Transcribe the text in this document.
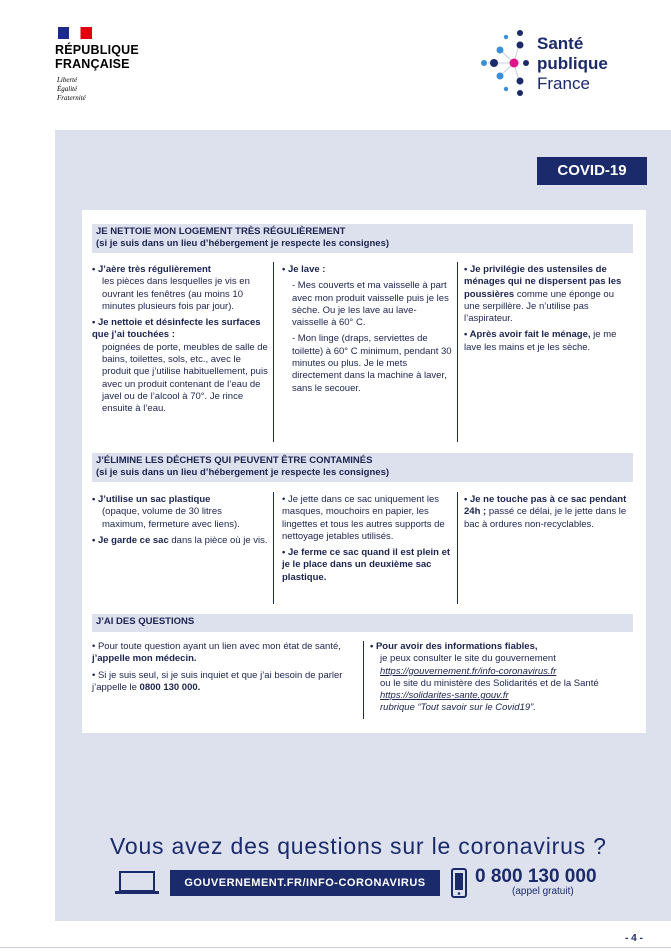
RÉPUBLIQUE
FRANÇAISE
Liberté
Égalité
Fraternité
Santé
publique
France
COVID-19
JE NETTOIE MON LOGEMENT TRÈS RÉGULIÈREMENT
(si je suis dans un lieu d’hébergement je respecte les consignes)

• J’aère très régulièrement

les pièces dans lesquelles je vis en ouvrant les fenêtres (au moins 10 minutes plusieurs fois par jour).

• Je nettoie et désinfecte les surfaces que j’ai touchées :
poignées de porte, meubles de salle de bains, toilettes, sols, etc., avec le produit que j’utilise habituellement, puis avec un produit contenant de l’eau de javel ou de l’alcool à 70°. Je rince ensuite à l’eau.

• Je lave :

- Mes couverts et ma vaisselle à part avec mon produit vaisselle puis je les sèche. Ou je les lave au lave-vaisselle à 60° C.

- Mon linge (draps, serviettes de toilette) à 60° C minimum, pendant 30 minutes ou plus. Je le mets directement dans la machine à laver, sans le secouer.

• Je privilégie des ustensiles de ménages qui ne dispersent pas les poussières comme une éponge ou une serpillère. Je n’utilise pas l’aspirateur.

• Après avoir fait le ménage, je me lave les mains et je les sèche.

J’ÉLIMINE LES DÉCHETS QUI PEUVENT ÊTRE CONTAMINÉS
(si je suis dans un lieu d’hébergement je respecte les consignes)

• J’utilise un sac plastique

(opaque, volume de 30 litres maximum, fermeture avec liens).

• Je garde ce sac dans la pièce où je vis.

• Je jette dans ce sac uniquement les masques, mouchoirs en papier, les lingettes et tous les autres supports de nettoyage jetables utilisés.

• Je ferme ce sac quand il est plein et je le place dans un deuxième sac plastique.

• Je ne touche pas à ce sac pendant 24h ; passé ce délai, je le jette dans le bac à ordures non-recyclables.

J’AI DES QUESTIONS

• Pour toute question ayant un lien avec mon état de santé, j’appelle mon médecin.

• Si je suis seul, si je suis inquiet et que j’ai besoin de parler j’appelle le 0800 130 000.

• Pour avoir des informations fiables,
je peux consulter le site du gouvernement
https://gouvernement.fr/info-coronavirus.fr
ou le site du ministère des Solidarités et de la Santé
https://solidarites-sante.gouv.fr
rubrique “Tout savoir sur le Covid19”.
Vous avez des questions sur le coronavirus ?
GOUVERNEMENT.FR/INFO-CORONAVIRUS	0 800 130 000
(appel gratuit)
- 4 -
